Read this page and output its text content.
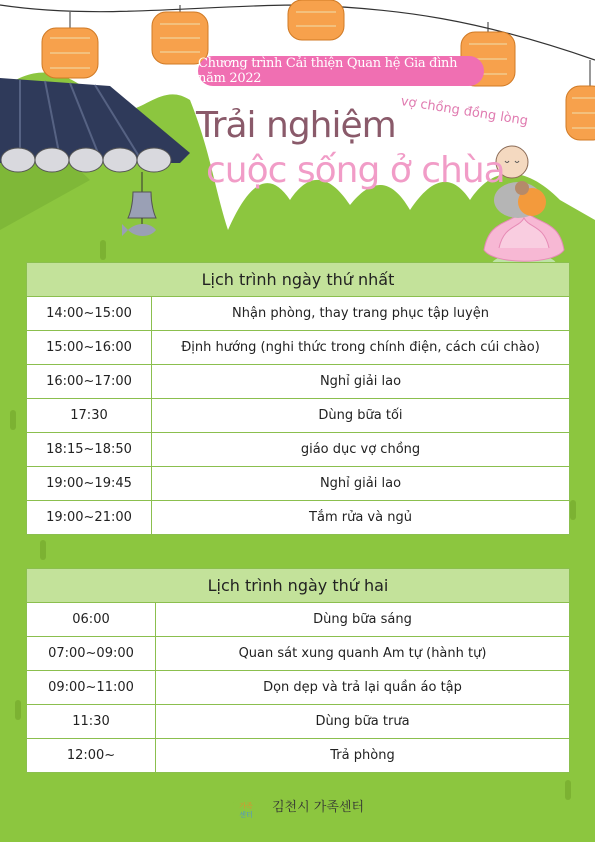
Chương trình Cải thiện Quan hệ Gia đình năm 2022
vợ chồng đồng lòng
Trải nghiệm
cuộc sống ở chùa
Lịch trình ngày thứ nhất	
14:00~15:00	Nhận phòng, thay trang phục tập luyện
15:00~16:00	Định hướng (nghi thức trong chính điện, cách cúi chào)
16:00~17:00	Nghỉ giải lao
17:30	Dùng bữa tối
18:15~18:50	giáo dục vợ chồng
19:00~19:45	Nghỉ giải lao
19:00~21:00	Tắm rửa và ngủ
Lịch trình ngày thứ hai	
06:00	Dùng bữa sáng
07:00~09:00	Quan sát xung quanh Am tự (hành tự)
09:00~11:00	Dọn dẹp và trả lại quần áo tập
11:30	Dùng bữa trưa
12:00~	Trả phòng
가족
센터
김천시 가족센터
